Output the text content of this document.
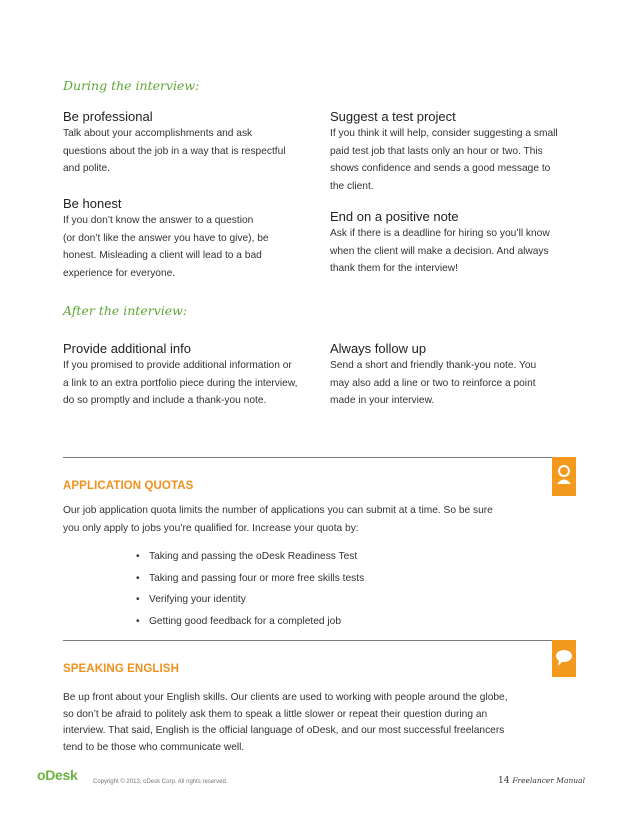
During the interview:
Be professional
Talk about your accomplishments and ask
questions about the job in a way that is respectful
and polite.
Be honest
If you don’t know the answer to a question
(or don’t like the answer you have to give), be
honest. Misleading a client will lead to a bad
experience for everyone.
Suggest a test project
If you think it will help, consider suggesting a small
paid test job that lasts only an hour or two. This
shows confidence and sends a good message to
the client.
End on a positive note
Ask if there is a deadline for hiring so you’ll know
when the client will make a decision. And always
thank them for the interview!
After the interview:
Provide additional info
If you promised to provide additional information or
a link to an extra portfolio piece during the interview,
do so promptly and include a thank-you note.
Always follow up
Send a short and friendly thank-you note. You
may also add a line or two to reinforce a point
made in your interview.
APPLICATION QUOTAS
Our job application quota limits the number of applications you can submit at a time. So be sure
you only apply to jobs you’re qualified for. Increase your quota by:
• Taking and passing the oDesk Readiness Test
• Taking and passing four or more free skills tests
• Verifying your identity
• Getting good feedback for a completed job
SPEAKING ENGLISH
Be up front about your English skills. Our clients are used to working with people around the globe,
so don’t be afraid to politely ask them to speak a little slower or repeat their question during an
interview. That said, English is the official language of oDesk, and our most successful freelancers
tend to be those who communicate well.
oDesk	Copyright © 2013, oDesk Corp. All rights reserved.	14 Freelancer Manual
